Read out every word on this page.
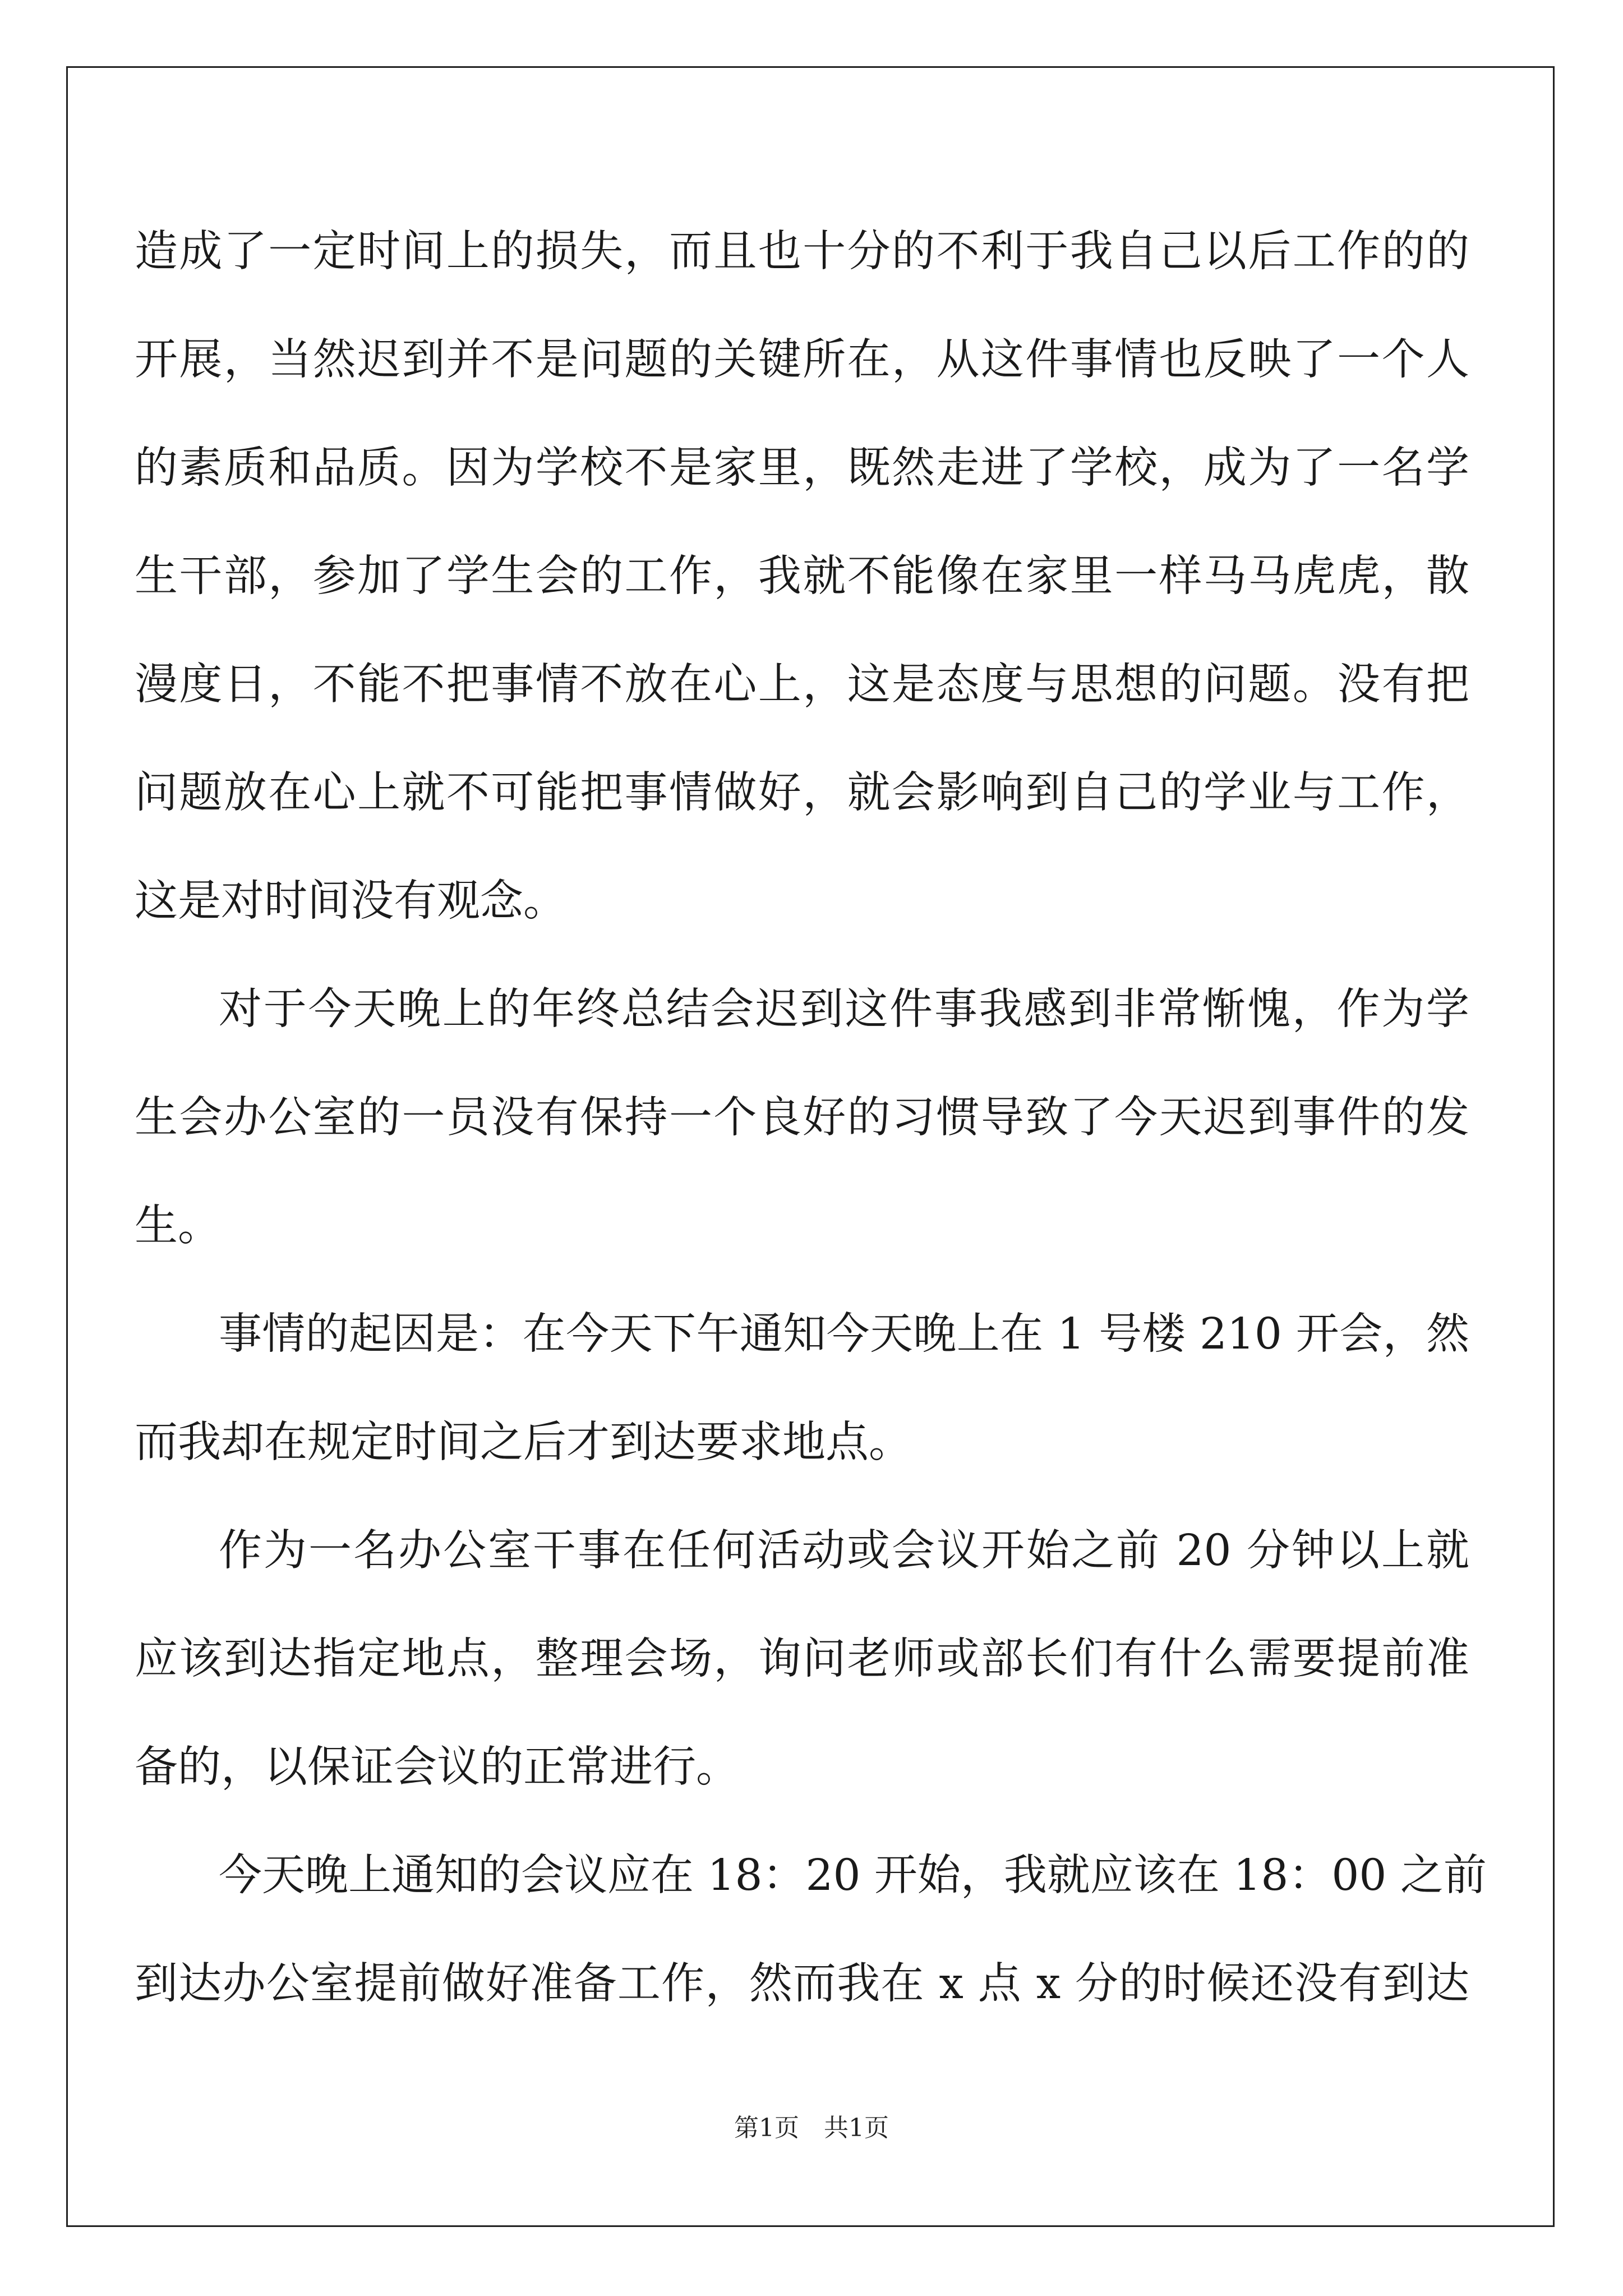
造成了一定时间上的损失，而且也十分的不利于我自己以后工作的的
开展，当然迟到并不是问题的关键所在，从这件事情也反映了一个人
的素质和品质。因为学校不是家里，既然走进了学校，成为了一名学
生干部，参加了学生会的工作，我就不能像在家里一样马马虎虎，散
漫度日，不能不把事情不放在心上，这是态度与思想的问题。没有把
问题放在心上就不可能把事情做好，就会影响到自己的学业与工作，
这是对时间没有观念。
对于今天晚上的年终总结会迟到这件事我感到非常惭愧，作为学
生会办公室的一员没有保持一个良好的习惯导致了今天迟到事件的发
生。
事情的起因是：在今天下午通知今天晚上在 1 号楼 210 开会，然
而我却在规定时间之后才到达要求地点。
作为一名办公室干事在任何活动或会议开始之前 20 分钟以上就
应该到达指定地点，整理会场，询问老师或部长们有什么需要提前准
备的，以保证会议的正常进行。
今天晚上通知的会议应在 18：20 开始，我就应该在 18：00 之前
到达办公室提前做好准备工作，然而我在 x 点 x 分的时候还没有到达
第1页　共1页
